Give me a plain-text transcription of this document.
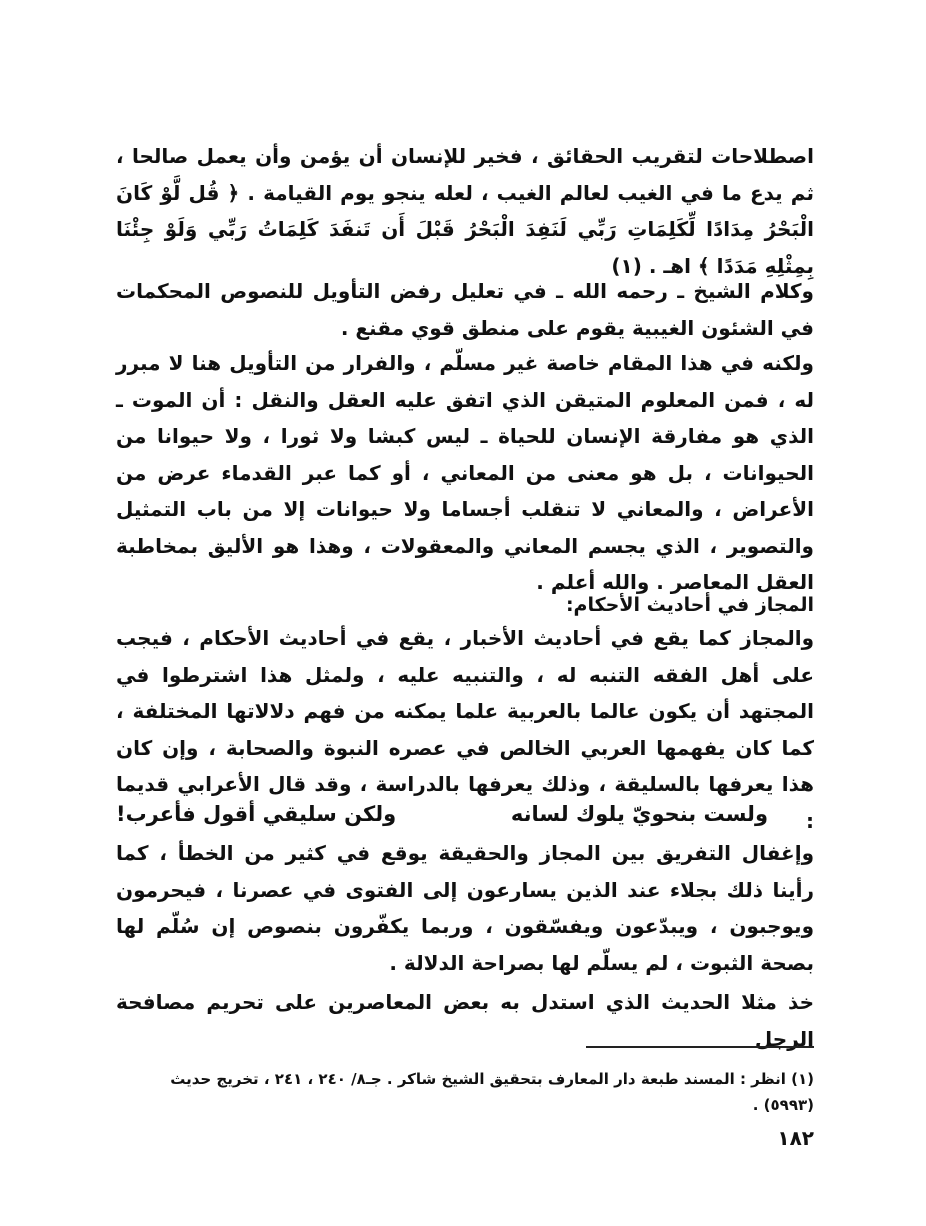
اصطلاحات لتقريب الحقائق ، فخير للإنسان أن يؤمن وأن يعمل صالحا ، ثم يدع ما في الغيب لعالم الغيب ، لعله ينجو يوم القيامة . ﴿ قُل لَّوْ كَانَ الْبَحْرُ مِدَادًا لِّكَلِمَاتِ رَبِّي لَنَفِدَ الْبَحْرُ قَبْلَ أَن تَنفَدَ كَلِمَاتُ رَبِّي وَلَوْ جِئْنَا بِمِثْلِهِ مَدَدًا ﴾ اهـ . (١)

وكلام الشيخ ـ رحمه الله ـ في تعليل رفض التأويل للنصوص المحكمات في الشئون الغيبية يقوم على منطق قوي مقنع .

ولكنه في هذا المقام خاصة غير مسلّم ، والفرار من التأويل هنا لا مبرر له ، فمن المعلوم المتيقن الذي اتفق عليه العقل والنقل : أن الموت ـ الذي هو مفارقة الإنسان للحياة ـ ليس كبشا ولا ثورا ، ولا حيوانا من الحيوانات ، بل هو معنى من المعاني ، أو كما عبر القدماء عرض من الأعراض ، والمعاني لا تنقلب أجساما ولا حيوانات إلا من باب التمثيل والتصوير ، الذي يجسم المعاني والمعقولات ، وهذا هو الأليق بمخاطبة العقل المعاصر . والله أعلم .

المجاز في أحاديث الأحكام:

والمجاز كما يقع في أحاديث الأخبار ، يقع في أحاديث الأحكام ، فيجب على أهل الفقه التنبه له ، والتنبيه عليه ، ولمثل هذا اشترطوا في المجتهد أن يكون عالما بالعربية علما يمكنه من فهم دلالاتها المختلفة ، كما كان يفهمها العربي الخالص في عصره النبوة والصحابة ، وإن كان هذا يعرفها بالسليقة ، وذلك يعرفها بالدراسة ، وقد قال الأعرابي قديما :

ولست بنحويّ يلوك لسانه
ولكن سليقي أقول فأعرب!

وإغفال التفريق بين المجاز والحقيقة يوقع في كثير من الخطأ ، كما رأينا ذلك بجلاء عند الذين يسارعون إلى الفتوى في عصرنا ، فيحرمون ويوجبون ، ويبدّعون ويفسّقون ، وربما يكفّرون بنصوص إن سُلّم لها بصحة الثبوت ، لم يسلّم لها بصراحة الدلالة .

خذ مثلا الحديث الذي استدل به بعض المعاصرين على تحريم مصافحة الرجل

(١) انظر : المسند طبعة دار المعارف بتحقيق الشيخ شاكر . جـ٨/ ٢٤٠ ، ٢٤١ ، تخريج حديث (٥٩٩٣) .
١٨٢
